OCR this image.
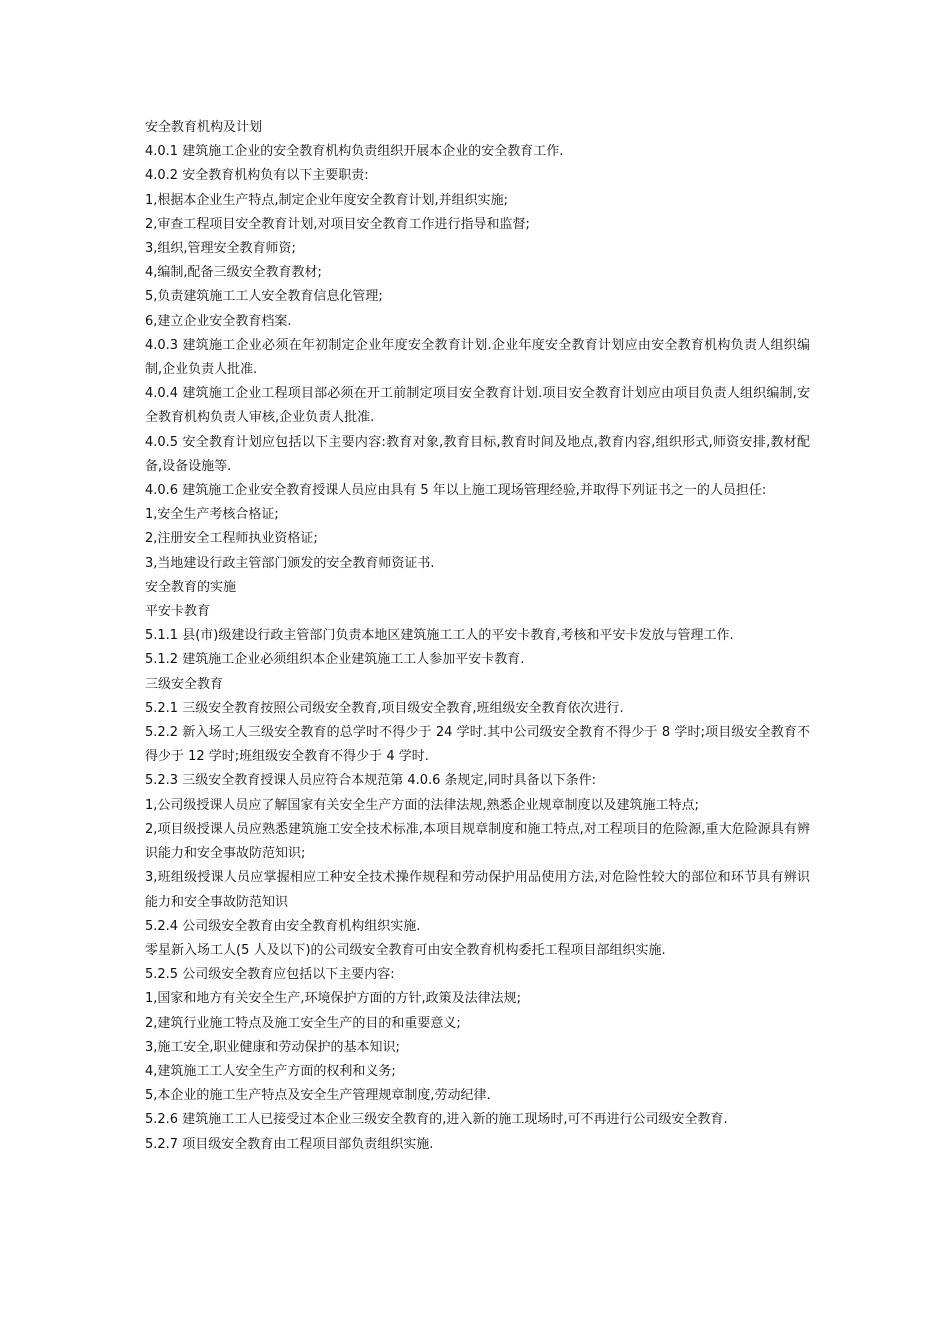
安全教育机构及计划

4.0.1 建筑施工企业的安全教育机构负责组织开展本企业的安全教育工作.

4.0.2 安全教育机构负有以下主要职责:

1,根据本企业生产特点,制定企业年度安全教育计划,并组织实施;

2,审查工程项目安全教育计划,对项目安全教育工作进行指导和监督;

3,组织,管理安全教育师资;

4,编制,配备三级安全教育教材;

5,负责建筑施工工人安全教育信息化管理;

6,建立企业安全教育档案.

4.0.3 建筑施工企业必须在年初制定企业年度安全教育计划.企业年度安全教育计划应由安全教育机构负责人组织编制,企业负责人批准.

4.0.4 建筑施工企业工程项目部必须在开工前制定项目安全教育计划.项目安全教育计划应由项目负责人组织编制,安全教育机构负责人审核,企业负责人批准.

4.0.5 安全教育计划应包括以下主要内容:教育对象,教育目标,教育时间及地点,教育内容,组织形式,师资安排,教材配备,设备设施等.

4.0.6 建筑施工企业安全教育授课人员应由具有 5 年以上施工现场管理经验,并取得下列证书之一的人员担任:

1,安全生产考核合格证;

2,注册安全工程师执业资格证;

3,当地建设行政主管部门颁发的安全教育师资证书.

安全教育的实施

平安卡教育

5.1.1 县(市)级建设行政主管部门负责本地区建筑施工工人的平安卡教育,考核和平安卡发放与管理工作.

5.1.2 建筑施工企业必须组织本企业建筑施工工人参加平安卡教育.

三级安全教育

5.2.1 三级安全教育按照公司级安全教育,项目级安全教育,班组级安全教育依次进行.

5.2.2 新入场工人三级安全教育的总学时不得少于 24 学时.其中公司级安全教育不得少于 8 学时;项目级安全教育不得少于 12 学时;班组级安全教育不得少于 4 学时.

5.2.3 三级安全教育授课人员应符合本规范第 4.0.6 条规定,同时具备以下条件:

1,公司级授课人员应了解国家有关安全生产方面的法律法规,熟悉企业规章制度以及建筑施工特点;

2,项目级授课人员应熟悉建筑施工安全技术标准,本项目规章制度和施工特点,对工程项目的危险源,重大危险源具有辨识能力和安全事故防范知识;

3,班组级授课人员应掌握相应工种安全技术操作规程和劳动保护用品使用方法,对危险性较大的部位和环节具有辨识能力和安全事故防范知识

5.2.4 公司级安全教育由安全教育机构组织实施.

零星新入场工人(5 人及以下)的公司级安全教育可由安全教育机构委托工程项目部组织实施.

5.2.5 公司级安全教育应包括以下主要内容:

1,国家和地方有关安全生产,环境保护方面的方针,政策及法律法规;

2,建筑行业施工特点及施工安全生产的目的和重要意义;

3,施工安全,职业健康和劳动保护的基本知识;

4,建筑施工工人安全生产方面的权利和义务;

5,本企业的施工生产特点及安全生产管理规章制度,劳动纪律.

5.2.6 建筑施工工人已接受过本企业三级安全教育的,进入新的施工现场时,可不再进行公司级安全教育.

5.2.7 项目级安全教育由工程项目部负责组织实施.
